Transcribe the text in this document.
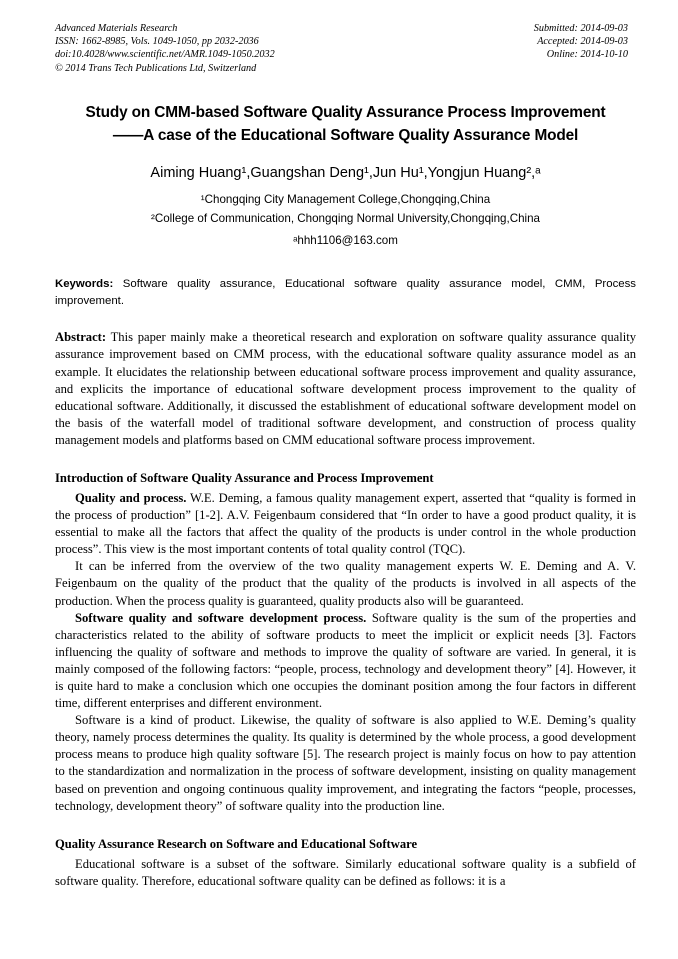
Advanced Materials Research
ISSN: 1662-8985, Vols. 1049-1050, pp 2032-2036
doi:10.4028/www.scientific.net/AMR.1049-1050.2032
© 2014 Trans Tech Publications Ltd, Switzerland
Submitted: 2014-09-03
Accepted: 2014-09-03
Online: 2014-10-10
Study on CMM-based Software Quality Assurance Process Improvement
——A case of the Educational Software Quality Assurance Model
Aiming Huang¹,Guangshan Deng¹,Jun Hu¹,Yongjun Huang²,ᵃ
¹Chongqing City Management College,Chongqing,China
²College of Communication, Chongqing Normal University,Chongqing,China
ᵃhhh1106@163.com
Keywords: Software quality assurance, Educational software quality assurance model, CMM, Process improvement.
Abstract: This paper mainly make a theoretical research and exploration on software quality assurance quality assurance improvement based on CMM process, with the educational software quality assurance model as an example. It elucidates the relationship between educational software process improvement and quality assurance, and explicits the importance of educational software development process improvement to the quality of educational software. Additionally, it discussed the establishment of educational software development model on the basis of the waterfall model of traditional software development, and construction of process quality management models and platforms based on CMM educational software process improvement.
Introduction of Software Quality Assurance and Process Improvement

Quality and process. W.E. Deming, a famous quality management expert, asserted that “quality is formed in the process of production” [1-2]. A.V. Feigenbaum considered that “In order to have a good product quality, it is essential to make all the factors that affect the quality of the products is under control in the whole production process”. This view is the most important contents of total quality control (TQC).

It can be inferred from the overview of the two quality management experts W. E. Deming and A. V. Feigenbaum on the quality of the product that the quality of the products is involved in all aspects of the production. When the process quality is guaranteed, quality products also will be guaranteed.

Software quality and software development process. Software quality is the sum of the properties and characteristics related to the ability of software products to meet the implicit or explicit needs [3]. Factors influencing the quality of software and methods to improve the quality of software are varied. In general, it is mainly composed of the following factors: “people, process, technology and development theory” [4]. However, it is quite hard to make a conclusion which one occupies the dominant position among the four factors in different time, different enterprises and different environment.

Software is a kind of product. Likewise, the quality of software is also applied to W.E. Deming’s quality theory, namely process determines the quality. Its quality is determined by the whole process, a good development process means to produce high quality software [5]. The research project is mainly focus on how to pay attention to the standardization and normalization in the process of software development, insisting on quality management based on prevention and ongoing continuous quality improvement, and integrating the factors “people, processes, technology, development theory” of software quality into the production line.

Quality Assurance Research on Software and Educational Software

Educational software is a subset of the software. Similarly educational software quality is a subfield of software quality. Therefore, educational software quality can be defined as follows: it is a
